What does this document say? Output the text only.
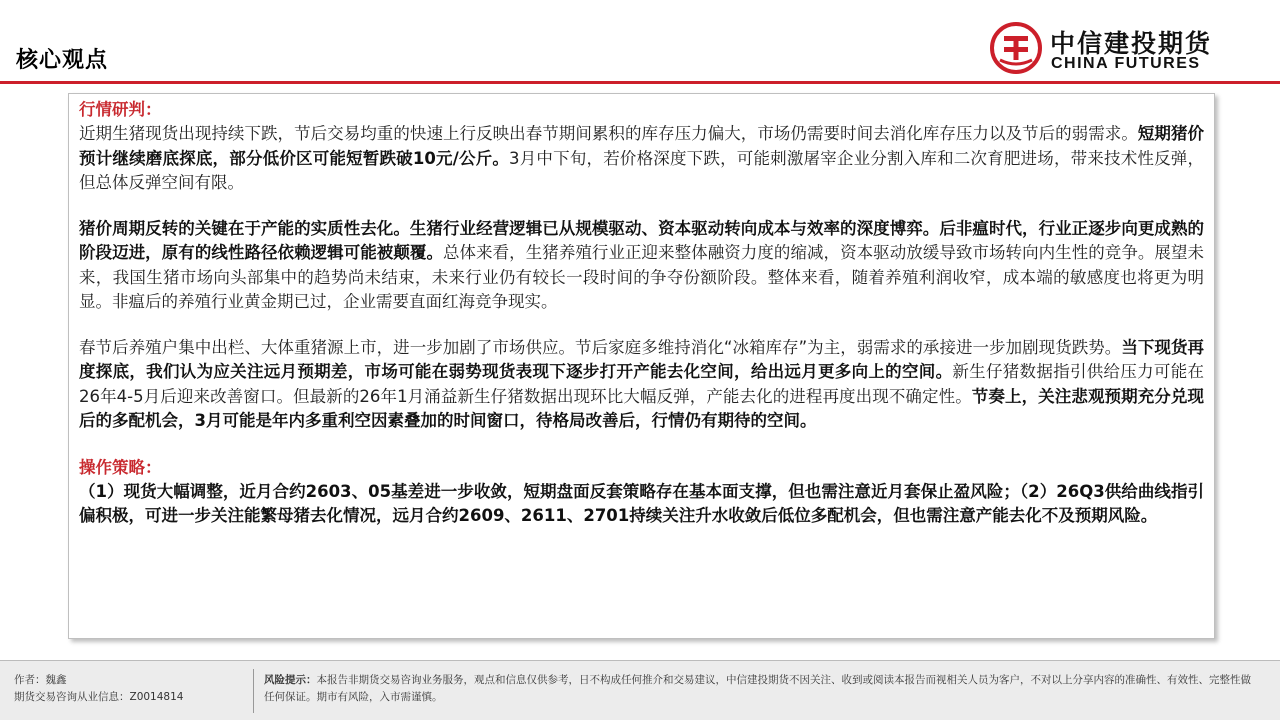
核心观点
中信建投期货
CHINA FUTURES
行情研判：
近期生猪现货出现持续下跌，节后交易均重的快速上行反映出春节期间累积的库存压力偏大，市场仍需要时间去消化库存压力以及节后的弱需求。短期猪价预计继续磨底探底，部分低价区可能短暂跌破10元/公斤。3月中下旬，若价格深度下跌，可能刺激屠宰企业分割入库和二次育肥进场，带来技术性反弹，但总体反弹空间有限。
猪价周期反转的关键在于产能的实质性去化。生猪行业经营逻辑已从规模驱动、资本驱动转向成本与效率的深度博弈。后非瘟时代，行业正逐步向更成熟的阶段迈进，原有的线性路径依赖逻辑可能被颠覆。总体来看，生猪养殖行业正迎来整体融资力度的缩减，资本驱动放缓导致市场转向内生性的竞争。展望未来，我国生猪市场向头部集中的趋势尚未结束，未来行业仍有较长一段时间的争夺份额阶段。整体来看，随着养殖利润收窄，成本端的敏感度也将更为明显。非瘟后的养殖行业黄金期已过，企业需要直面红海竞争现实。
春节后养殖户集中出栏、大体重猪源上市，进一步加剧了市场供应。节后家庭多维持消化“冰箱库存”为主，弱需求的承接进一步加剧现货跌势。当下现货再度探底，我们认为应关注远月预期差，市场可能在弱势现货表现下逐步打开产能去化空间，给出远月更多向上的空间。新生仔猪数据指引供给压力可能在26年4-5月后迎来改善窗口。但最新的26年1月涌益新生仔猪数据出现环比大幅反弹，产能去化的进程再度出现不确定性。节奏上，关注悲观预期充分兑现后的多配机会，3月可能是年内多重利空因素叠加的时间窗口，待格局改善后，行情仍有期待的空间。
操作策略：
（1）现货大幅调整，近月合约2603、05基差进一步收敛，短期盘面反套策略存在基本面支撑，但也需注意近月套保止盈风险；（2）26Q3供给曲线指引偏积极，可进一步关注能繁母猪去化情况，远月合约2609、2611、2701持续关注升水收敛后低位多配机会，但也需注意产能去化不及预期风险。
作者：魏鑫
期货交易咨询从业信息：Z0014814
风险提示：本报告非期货交易咨询业务服务，观点和信息仅供参考，日不构成任何推介和交易建议，中信建投期货不因关注、收到或阅读本报告而视相关人员为客户，不对以上分享内容的准确性、有效性、完整性做任何保证。期市有风险，入市需谨慎。
